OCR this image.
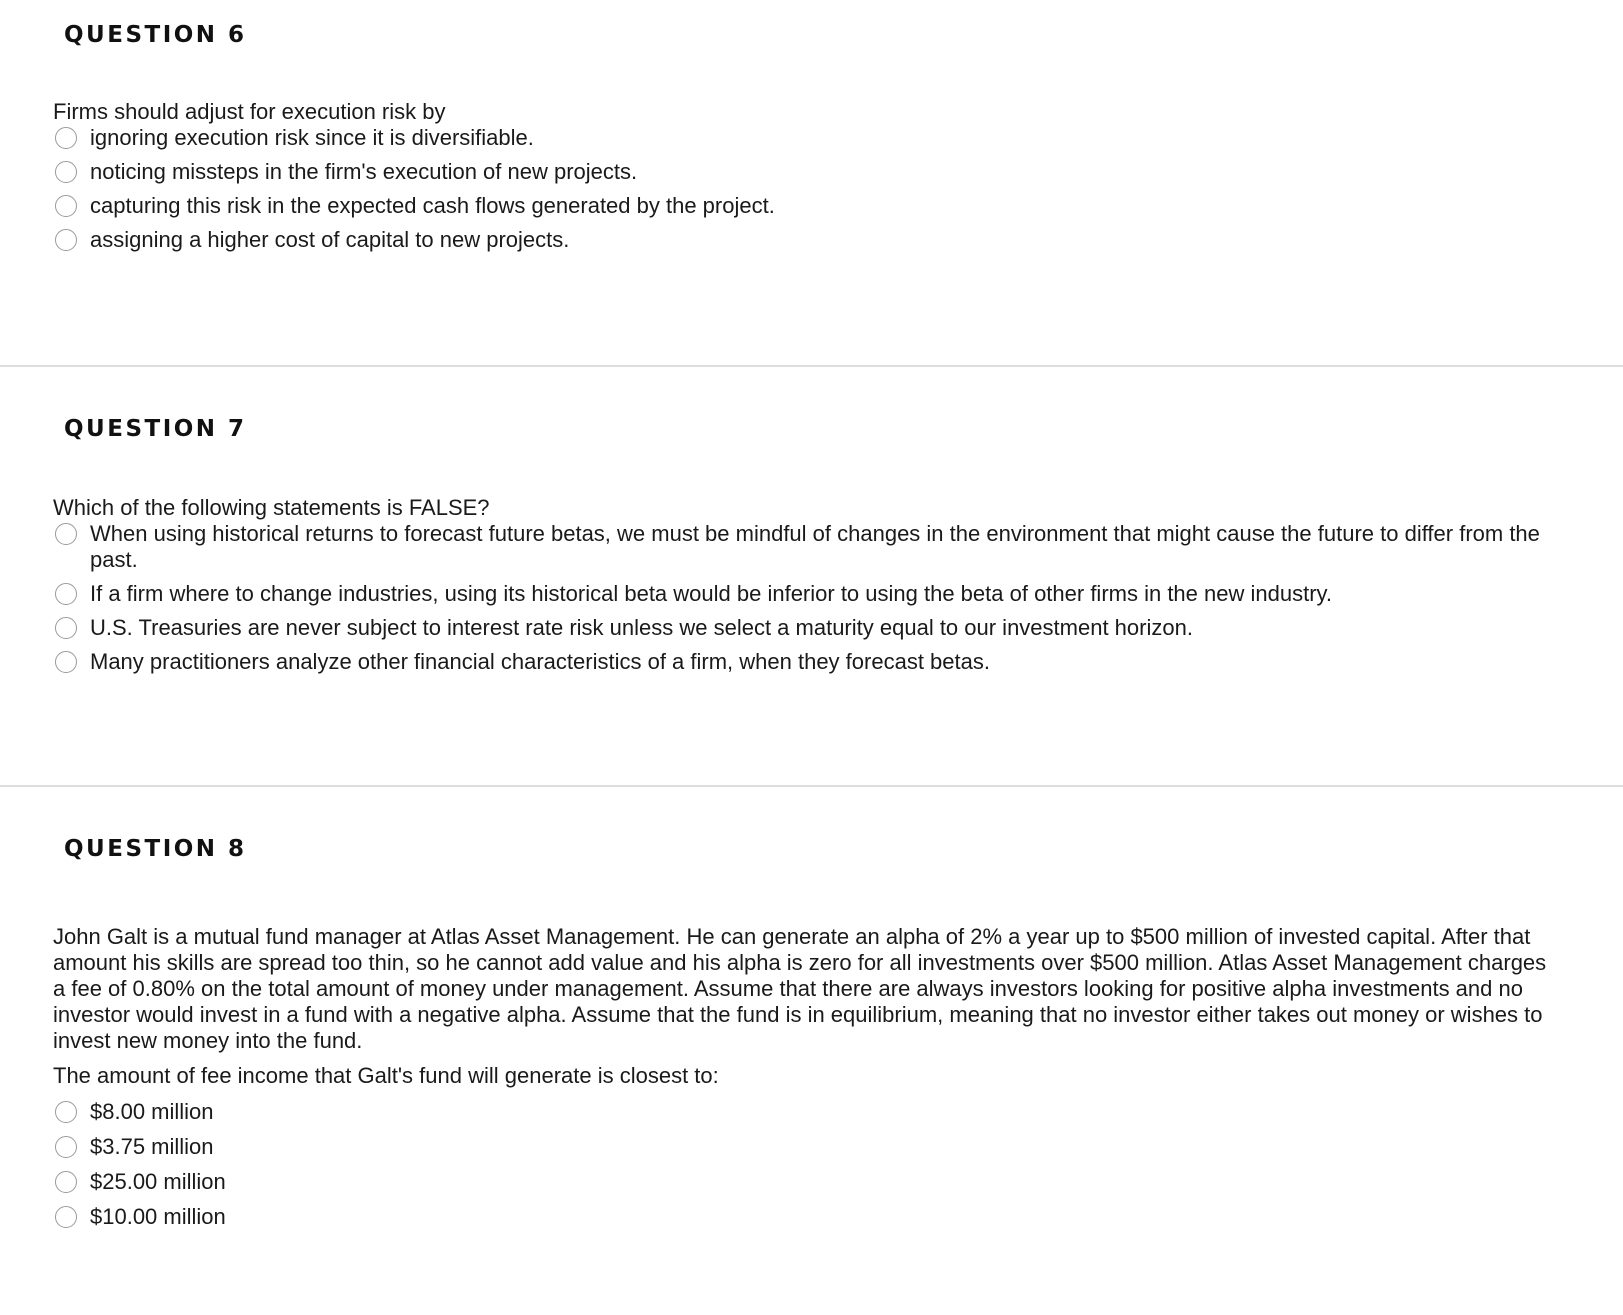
QUESTION 6

Firms should adjust for execution risk by

ignoring execution risk since it is diversifiable.
noticing missteps in the firm's execution of new projects.
capturing this risk in the expected cash flows generated by the project.
assigning a higher cost of capital to new projects.
QUESTION 7

Which of the following statements is FALSE?

When using historical returns to forecast future betas, we must be mindful of changes in the environment that might cause the future to differ from the past.
If a firm where to change industries, using its historical beta would be inferior to using the beta of other firms in the new industry.
U.S. Treasuries are never subject to interest rate risk unless we select a maturity equal to our investment horizon.
Many practitioners analyze other financial characteristics of a firm, when they forecast betas.
QUESTION 8

John Galt is a mutual fund manager at Atlas Asset Management. He can generate an alpha of 2% a year up to $500 million of invested capital. After that amount his skills are spread too thin, so he cannot add value and his alpha is zero for all investments over $500 million. Atlas Asset Management charges a fee of 0.80% on the total amount of money under management. Assume that there are always investors looking for positive alpha investments and no investor would invest in a fund with a negative alpha. Assume that the fund is in equilibrium, meaning that no investor either takes out money or wishes to invest new money into the fund.

The amount of fee income that Galt's fund will generate is closest to:

$8.00 million
$3.75 million
$25.00 million
$10.00 million
